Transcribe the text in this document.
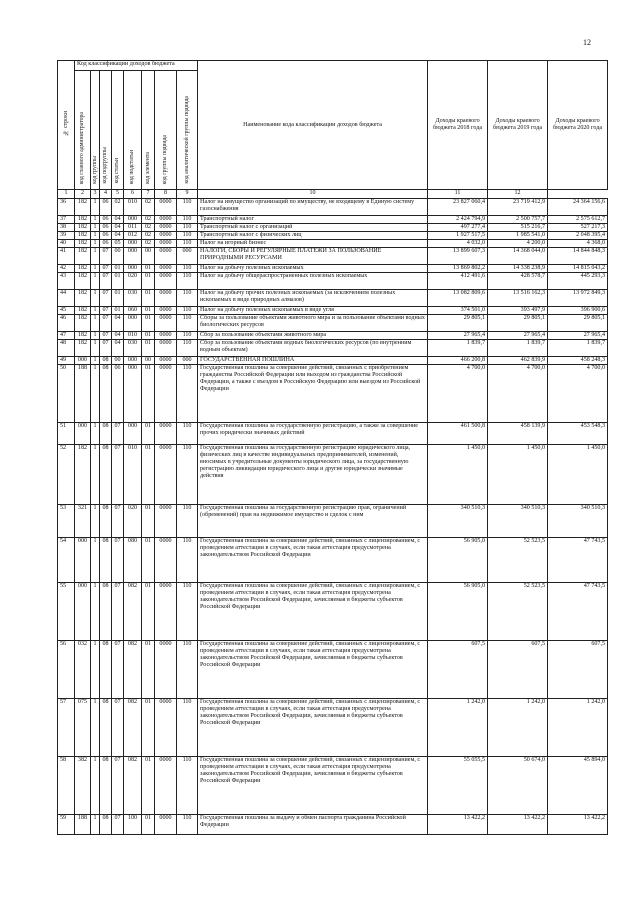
12
№ строки	Код классификации доходов бюджета								Наименование кода классификации доходов бюджета	Доходы краевого бюджета 2018 года	Доходы краевого бюджета 2019 года	Доходы краевого бюджета 2020 года
	код главного администратора	код группы	код подгруппы	код статьи	код подстатьи	код элемента	код группы подвида	код аналитической группы подвида				
1	2	3	4	5	6	7	8	9	10	11	12	
36	182	1	06	02	010	02	0000	110	Налог на имущество организаций по имуществу, не входящему в Единую систему газоснабжения	23 827 060,4	23 719 412,9	24 364 156,6
37	182	1	06	04	000	02	0000	110	Транспортный налог	2 424 794,9	2 500 757,7	2 575 612,7
38	182	1	06	04	011	02	0000	110	Транспортный налог с организаций	497 277,4	515 216,7	527 217,3
39	182	1	06	04	012	02	0000	110	Транспортный налог с физических лиц	1 927 517,5	1 985 541,0	2 048 395,4
40	182	1	06	05	000	02	0000	110	Налог на игорный бизнес	4 032,0	4 200,0	4 368,0
41	182	1	07	00	000	00	0000	000	НАЛОГИ, СБОРЫ И РЕГУЛЯРНЫЕ ПЛАТЕЖИ ЗА ПОЛЬЗОВАНИЕ ПРИРОДНЫМИ РЕСУРСАМИ	13 899 607,3	14 368 044,0	14 844 848,3
42	182	1	07	01	000	01	0000	110	Налог на добычу полезных ископаемых	13 869 802,2	14 338 238,9	14 815 043,2
43	182	1	07	01	020	01	0000	110	Налог на добычу общераспространенных полезных ископаемых	412 491,6	428 578,7	445 293,3
44	182	1	07	01	030	01	0000	110	Налог на добычу прочих полезных ископаемых (за исключением полезных ископаемых в виде природных алмазов)	13 082 809,6	13 516 162,3	13 972 849,3
45	182	1	07	01	060	01	0000	110	Налог на добычу полезных ископаемых в виде угля	374 501,0	393 497,9	396 900,6
46	182	1	07	04	000	01	0000	110	Сборы за пользование объектами животного мира и за пользование объектами водных биологических ресурсов	29 805,1	29 805,1	29 805,1
47	182	1	07	04	010	01	0000	110	Сбор за пользование объектами животного мира	27 965,4	27 965,4	27 965,4
48	182	1	07	04	030	01	0000	110	Сбор за пользование объектами водных биологических ресурсов (по внутренним водным объектам)	1 839,7	1 839,7	1 839,7
49	000	1	08	00	000	00	0000	000	ГОСУДАРСТВЕННАЯ ПОШЛИНА	466 200,8	462 839,9	458 248,3
50	188	1	08	06	000	01	0000	110	Государственная пошлина за совершение действий, связанных с приобретением гражданства Российской Федерации или выходом из гражданства Российской Федерации, а также с въездом в Российскую Федерацию или выездом из Российской Федерации	4 700,0	4 700,0	4 700,0
51	000	1	08	07	000	01	0000	110	Государственная пошлина за государственную регистрацию, а также за совершение прочих юридически значимых действий	461 500,8	458 139,9	453 548,3
52	182	1	08	07	010	01	0000	110	Государственная пошлина за государственную регистрацию юридического лица, физических лиц в качестве индивидуальных предпринимателей, изменений, вносимых в учредительные документы юридического лица, за государственную регистрацию ликвидации юридического лица и другие юридически значимые действия	1 450,0	1 450,0	1 450,0
53	321	1	08	07	020	01	0000	110	Государственная пошлина за государственную регистрацию прав, ограничений (обременений) прав на недвижимое имущество и сделок с ним	340 510,3	340 510,3	340 510,3
54	000	1	08	07	080	01	0000	110	Государственная пошлина за совершение действий, связанных с лицензированием, с проведением аттестации в случаях, если такая аттестация предусмотрена законодательством Российской Федерации	56 905,0	52 523,5	47 743,5
55	000	1	08	07	082	01	0000	110	Государственная пошлина за совершение действий, связанных с лицензированием, с проведением аттестации в случаях, если такая аттестация предусмотрена законодательством Российской Федерации, зачисляемая в бюджеты субъектов Российской Федерации	56 905,0	52 523,5	47 743,5
56	032	1	08	07	082	01	0000	110	Государственная пошлина за совершение действий, связанных с лицензированием, с проведением аттестации в случаях, если такая аттестация предусмотрена законодательством Российской Федерации, зачисляемая в бюджеты субъектов Российской Федерации	607,5	607,5	607,5
57	075	1	08	07	082	01	0000	110	Государственная пошлина за совершение действий, связанных с лицензированием, с проведением аттестации в случаях, если такая аттестация предусмотрена законодательством Российской Федерации, зачисляемая в бюджеты субъектов Российской Федерации	1 242,0	1 242,0	1 242,0
58	382	1	08	07	082	01	0000	110	Государственная пошлина за совершение действий, связанных с лицензированием, с проведением аттестации в случаях, если такая аттестация предусмотрена законодательством Российской Федерации, зачисляемая в бюджеты субъектов Российской Федерации	55 055,5	50 674,0	45 894,0
59	188	1	08	07	100	01	0000	110	Государственная пошлина за выдачу и обмен паспорта гражданина Российской Федерации	13 422,2	13 422,2	13 422,2
